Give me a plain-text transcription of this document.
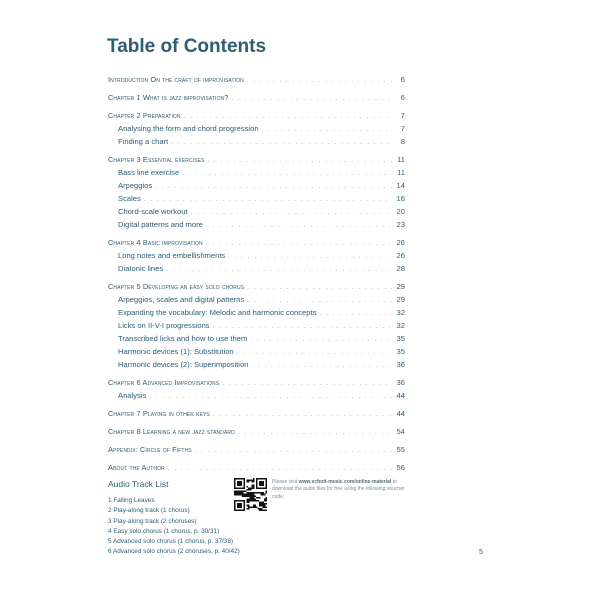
Table of Contents
Introduction On the craft of improvisation . . .	6
Chapter 1 What is jazz improvisation? . . .	6
Chapter 2 Preparation . . .	7
Analysing the form and chord progression . . .	7
Finding a chart . . .	8
Chapter 3 Essential exercises . . .	11
Bass line exercise . . .	11
Arpeggios . . .	14
Scales . . .	16
Chord-scale workout . . .	20
Digital patterns and more . . .	23
Chapter 4 Basic improvisation . . .	26
Long notes and embellishments . . .	26
Diatonic lines . . .	28
Chapter 5 Developing an easy solo chorus . . .	29
Arpeggios, scales and digital patterns . . .	29
Expanding the vocabulary: Melodic and harmonic concepts . . .	32
Licks on II-V-I progressions . . .	32
Transcribed licks and how to use them . . .	35
Harmonic devices (1): Substitution . . .	35
Harmonic devices (2): Superimposition . . .	36
Chapter 6 Advanced Improvisations . . .	36
Analysis . . .	44
Chapter 7 Playing in other keys . . .	44
Chapter 8 Learning a new jazz standard . . .	54
Appendix: Circle of Fifths . . .	55
About the Author . . .	56
Audio Track List
1 Falling Leaves
2 Play-along track (1 chorus)
3 Play-along track (2 choruses)
4 Easy solo chorus (1 chorus, p. 30/31)
5 Advanced solo chorus (1 chorus, p. 37/38)
6 Advanced solo chorus (2 choruses, p. 40/42)
Please visit www.schott-music.com/online-material to download the audio files for free using the following voucher code:
5
